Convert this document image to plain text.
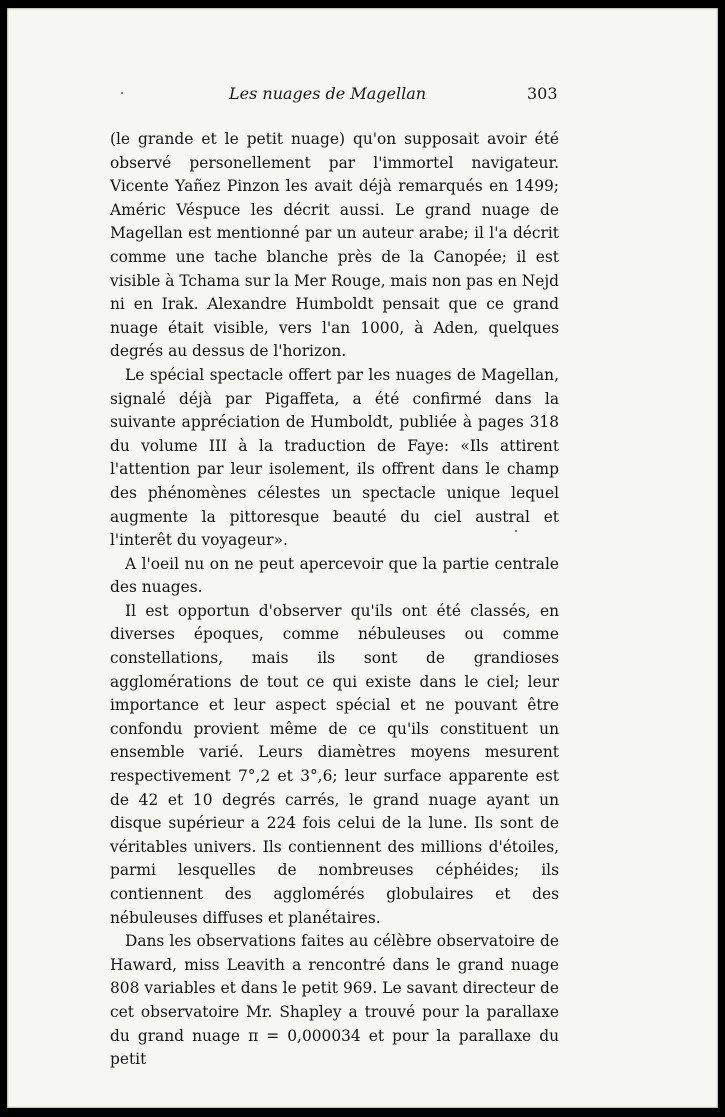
Les nuages de Magellan	303

(le grande et le petit nuage) qu'on supposait avoir été observé personellement par l'immortel navigateur. Vicente Yañez Pinzon les avait déjà remarqués en 1499; Améric Véspuce les décrit aussi. Le grand nuage de Magellan est mentionné par un auteur arabe; il l'a décrit comme une tache blanche près de la Canopée; il est visible à Tchama sur la Mer Rouge, mais non pas en Nejd ni en Irak. Alexandre Humboldt pensait que ce grand nuage était visible, vers l'an 1000, à Aden, quelques degrés au dessus de l'horizon.

Le spécial spectacle offert par les nuages de Magellan, signalé déjà par Pigaffeta, a été confirmé dans la suivante appréciation de Humboldt, publiée à pages 318 du volume III à la traduction de Faye: «Ils attirent l'attention par leur isolement, ils offrent dans le champ des phénomènes célestes un spectacle unique lequel augmente la pittoresque beauté du ciel austral et l'interêt du voyageur».

A l'oeil nu on ne peut apercevoir que la partie centrale des nuages.

Il est opportun d'observer qu'ils ont été classés, en diverses époques, comme nébuleuses ou comme constellations, mais ils sont de grandioses agglomérations de tout ce qui existe dans le ciel; leur importance et leur aspect spécial et ne pouvant être confondu provient même de ce qu'ils constituent un ensemble varié. Leurs diamètres moyens mesurent respectivement 7°,2 et 3°,6; leur surface apparente est de 42 et 10 degrés carrés, le grand nuage ayant un disque supérieur a 224 fois celui de la lune. Ils sont de véritables univers. Ils contiennent des millions d'étoiles, parmi lesquelles de nombreuses céphéides; ils contiennent des agglomérés globulaires et des nébuleuses diffuses et planétaires.

Dans les observations faites au célèbre observatoire de Haward, miss Leavith a rencontré dans le grand nuage 808 variables et dans le petit 969. Le savant directeur de cet observatoire Mr. Shapley a trouvé pour la parallaxe du grand nuage π = 0,000034 et pour la parallaxe du petit
